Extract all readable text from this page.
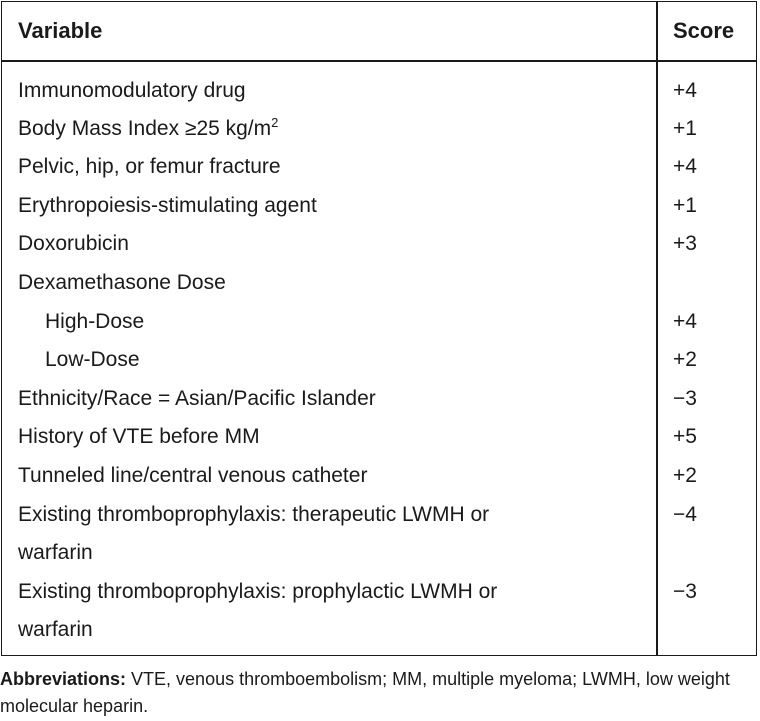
Variable	Score
Immunomodulatory drug	+4
Body Mass Index ≥25 $kg/m^2$	+1
Pelvic, hip, or femur fracture	+4
Erythropoiesis-stimulating agent	+1
Doxorubicin	+3
Dexamethasone Dose
High-Dose	+4
Low-Dose	+2
Ethnicity/Race = Asian/Pacific Islander	−3
History of VTE before MM	+5
Tunneled line/central venous catheter	+2
Existing thromboprophylaxis: therapeutic LWMH or	−4
warfarin
Existing thromboprophylaxis: prophylactic LWMH or	−3
warfarin
Abbreviations: VTE, venous thromboembolism; MM, multiple myeloma; LWMH, low weight molecular heparin.
